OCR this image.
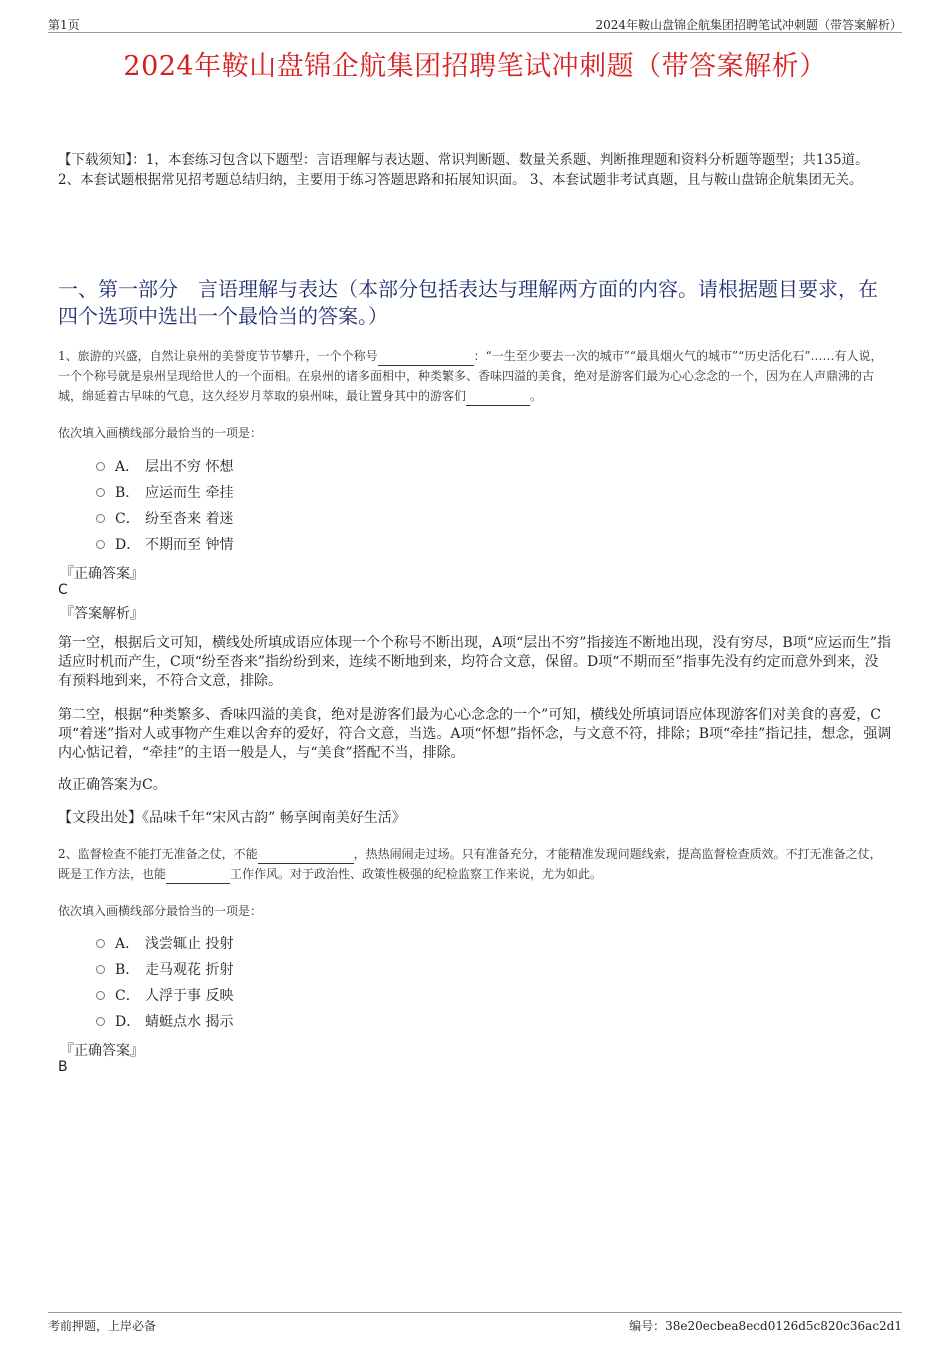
第1页	2024年鞍山盘锦企航集团招聘笔试冲刺题（带答案解析）
2024年鞍山盘锦企航集团招聘笔试冲刺题（带答案解析）
【下载须知】：1，本套练习包含以下题型：言语理解与表达题、常识判断题、数量关系题、判断推理题和资料分析题等题型；共135道。 2、本套试题根据常见招考题总结归纳，主要用于练习答题思路和拓展知识面。 3、本套试题非考试真题，且与鞍山盘锦企航集团无关。
一、第一部分　言语理解与表达（本部分包括表达与理解两方面的内容。请根据题目要求，在四个选项中选出一个最恰当的答案。）
1、旅游的兴盛，自然让泉州的美誉度节节攀升，一个个称号	：“一生至少要去一次的城市”“最具烟火气的城市”“历史活化石”……有人说，一个个称号就是泉州呈现给世人的一个面相。在泉州的诸多面相中，种类繁多、香味四溢的美食，绝对是游客们最为心心念念的一个，因为在人声鼎沸的古城，绵延着古早味的气息，这久经岁月萃取的泉州味，最让置身其中的游客们	。
依次填入画横线部分最恰当的一项是：
A． 层出不穷 怀想
B． 应运而生 牵挂
C． 纷至沓来 着迷
D． 不期而至 钟情
『正确答案』
C
『答案解析』
第一空，根据后文可知，横线处所填成语应体现一个个称号不断出现，A项“层出不穷”指接连不断地出现，没有穷尽，B项“应运而生”指适应时机而产生，C项“纷至沓来”指纷纷到来，连续不断地到来，均符合文意，保留。D项“不期而至”指事先没有约定而意外到来，没有预料地到来，不符合文意，排除。
第二空，根据“种类繁多、香味四溢的美食，绝对是游客们最为心心念念的一个”可知，横线处所填词语应体现游客们对美食的喜爱，C项“着迷”指对人或事物产生难以舍弃的爱好，符合文意，当选。A项“怀想”指怀念，与文意不符，排除；B项“牵挂”指记挂，想念，强调内心惦记着，“牵挂”的主语一般是人，与“美食”搭配不当，排除。
故正确答案为C。
【文段出处】《品味千年“宋风古韵” 畅享闽南美好生活》
2、监督检查不能打无准备之仗，不能	，热热闹闹走过场。只有准备充分，才能精准发现问题线索，提高监督检查质效。不打无准备之仗，既是工作方法，也能	工作作风。对于政治性、政策性极强的纪检监察工作来说，尤为如此。
依次填入画横线部分最恰当的一项是：
A． 浅尝辄止 投射
B． 走马观花 折射
C． 人浮于事 反映
D． 蜻蜓点水 揭示
『正确答案』
B
考前押题，上岸必备	编号：38e20ecbea8ecd0126d5c820c36ac2d1
